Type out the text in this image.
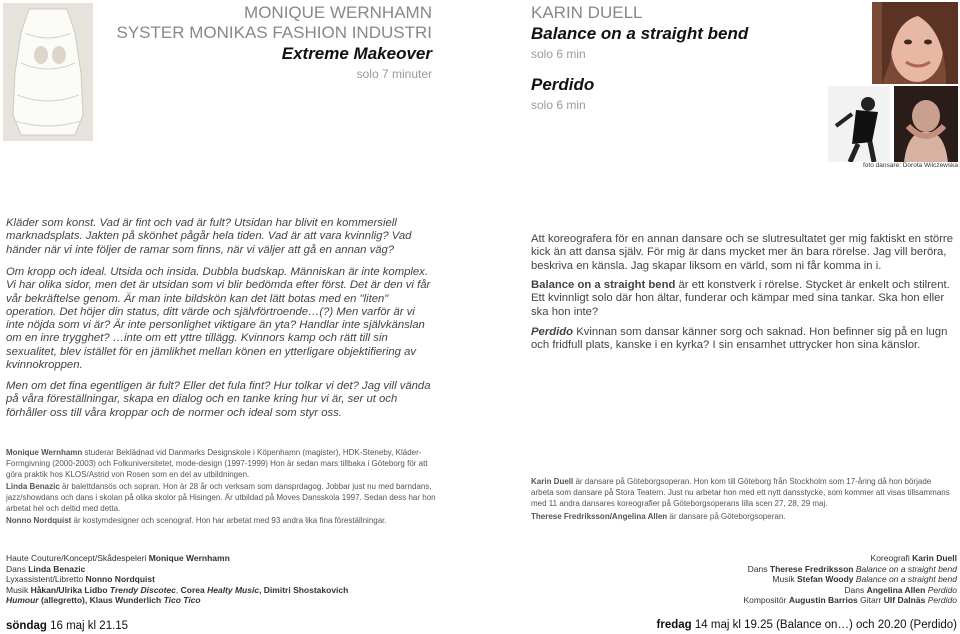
MONIQUE WERNHAMN
SYSTER MONIKAS FASHION INDUSTRI
Extreme Makeover
solo 7 minuter
KARIN DUELL
Balance on a straight bend
solo 6 min
Perdido
solo 6 min
foto dansare: Dorota Wilczewska
Kläder som konst. Vad är fint och vad är fult? Utsidan har blivit en kommersiell marknadsplats. Jakten på skönhet pågår hela tiden. Vad är att vara kvinnlig? Vad händer när vi inte följer de ramar som finns, när vi väljer att gå en annan väg?
Om kropp och ideal. Utsida och insida. Dubbla budskap. Människan är inte komplex. Vi har olika sidor, men det är utsidan som vi blir bedömda efter först. Det är den vi får vår bekräftelse genom. Är man inte bildskön kan det lätt botas med en "liten" operation. Det höjer din status, ditt värde och självförtroende…(?) Men varför är vi inte nöjda som vi är? Är inte personlighet viktigare än yta? Handlar inte självkänslan om en inre trygghet? …inte om ett yttre tillägg. Kvinnors kamp och rätt till sin sexualitet, blev istället för en jämlikhet mellan könen en ytterligare objektifiering av kvinnokroppen.
Men om det fina egentligen är fult? Eller det fula fint? Hur tolkar vi det? Jag vill vända på våra föreställningar, skapa en dialog och en tanke kring hur vi är, ser ut och förhåller oss till våra kroppar och de normer och ideal som styr oss.
Att koreografera för en annan dansare och se slutresultatet ger mig faktiskt en större kick än att dansa själv. För mig är dans mycket mer än bara rörelse. Jag vill beröra, beskriva en känsla. Jag skapar liksom en värld, som ni får komma in i.
Balance on a straight bend är ett konstverk i rörelse. Stycket är enkelt och stilrent. Ett kvinnligt solo där hon ältar, funderar och kämpar med sina tankar. Ska hon eller ska hon inte?
Perdido Kvinnan som dansar känner sorg och saknad. Hon befinner sig på en lugn och fridfull plats, kanske i en kyrka? I sin ensamhet uttrycker hon sina känslor.
Monique Wernhamn studerar Beklädnad vid Danmarks Designskole i Köpenhamn (magister), HDK-Steneby, Kläder-Formgivning (2000-2003) och Folkuniversitetet, mode-design (1997-1999) Hon är sedan mars tillbaka i Göteborg för att göra praktik hos KLOS/Astrid von Rosen som en del av utbildningen.
Linda Benazic är balettdansös och sopran. Hon är 28 år och verksam som dansprdagog. Jobbar just nu med barndans, jazz/showdans och dans i skolan på olika skolor på Hisingen. Är utbildad på Moves Dansskola 1997. Sedan dess har hon arbetat hel och deltid med detta.
Nonno Nordquist är kostymdesigner och scenograf. Hon har arbetat med 93 andra lika fina föreställningar.
Karin Duell är dansare på Göteborgsoperan. Hon kom till Göteborg från Stockholm som 17-åring då hon började arbeta som dansare på Stora Teatern. Just nu arbetar hon med ett nytt dansstycke, som kommer att visas tillsammans med 11 andra dansares koreografier på Göteborgsoperans lilla scen 27, 28, 29 maj.
Therese Fredriksson/Angelina Allen är dansare på Göteborgsoperan.
Haute Couture/Koncept/Skådespeleri Monique Wernhamn
Dans Linda Benazic
Lyxassistent/Libretto Nonno Nordquist
Musik Håkan/Ulrika Lidbo Trendy Discotec, Corea Healty Music, Dimitri Shostakovich
Humour (allegretto), Klaus Wunderlich Tico Tico
Koreografi Karin Duell
Dans Therese Fredriksson Balance on a straight bend
Musik Stefan Woody Balance on a straight bend
Dans Angelina Allen Perdido
Kompositör Augustin Barrios Gitarr Ulf Dalnäs Perdido
söndag 16 maj kl 21.15	fredag 14 maj kl 19.25 (Balance on…) och 20.20 (Perdido)
